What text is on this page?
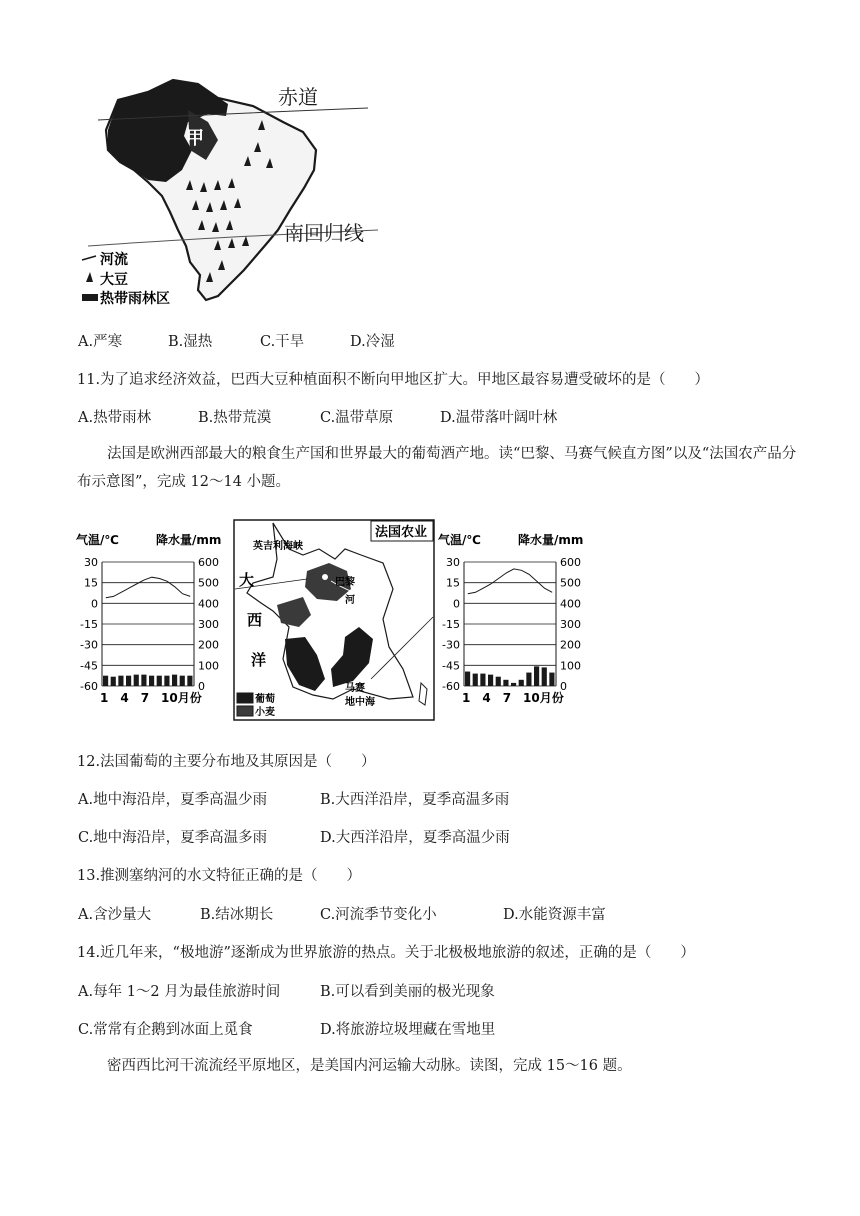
甲
赤道
南回归线
河流
大豆
热带雨林区
A.严寒	B.湿热	C.干旱	D.冷湿
11.为了追求经济效益，巴西大豆种植面积不断向甲地区扩大。甲地区最容易遭受破坏的是（　　）
A.热带雨林	B.热带荒漠	C.温带草原	D.温带落叶阔叶林
法国是欧洲西部最大的粮食生产国和世界最大的葡萄酒产地。读“巴黎、马赛气候直方图”以及“法国农产品分布示意图”，完成 12～14 小题。
气温/℃	降水量/mm
30	600
15	500
0	400
-15	300
-30	200
-45	100
-60	0
1　4　7　10月份
法国农业
英吉利海峡
巴黎
河
大
西
洋
马赛
地中海
葡萄
小麦
气温/℃	降水量/mm
30	600
15	500
0	400
-15	300
-30	200
-45	100
-60	0
1　4　7　10月份
12.法国葡萄的主要分布地及其原因是（　　）
A.地中海沿岸，夏季高温少雨	B.大西洋沿岸，夏季高温多雨
C.地中海沿岸，夏季高温多雨	D.大西洋沿岸，夏季高温少雨
13.推测塞纳河的水文特征正确的是（　　）
A.含沙量大	B.结冰期长	C.河流季节变化小	D.水能资源丰富
14.近几年来，“极地游”逐渐成为世界旅游的热点。关于北极极地旅游的叙述，正确的是（　　）
A.每年 1～2 月为最佳旅游时间	B.可以看到美丽的极光现象
C.常常有企鹅到冰面上觅食	D.将旅游垃圾埋藏在雪地里
密西西比河干流流经平原地区，是美国内河运输大动脉。读图，完成 15～16 题。
